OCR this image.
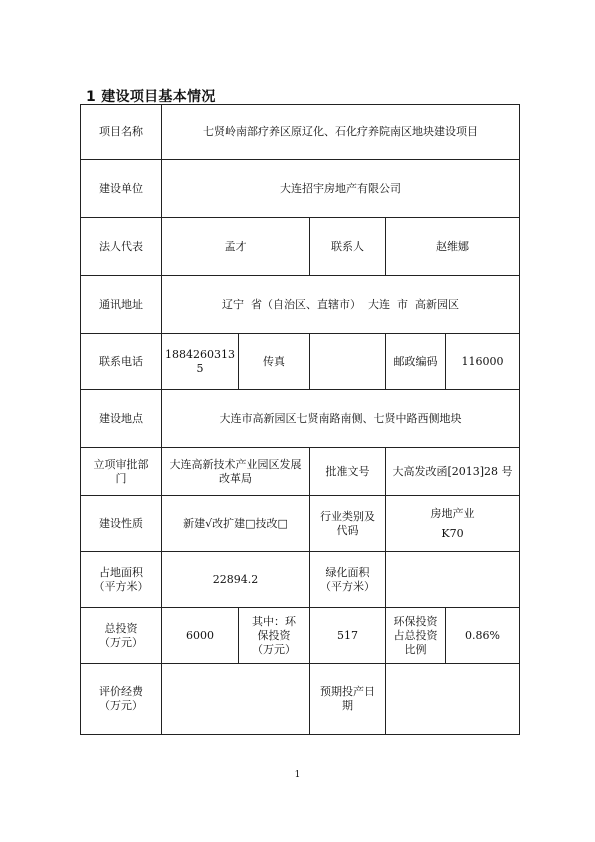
1 建设项目基本情况
项目名称	七贤岭南部疗养区原辽化、石化疗养院南区地块建设项目				
建设单位	大连招宇房地产有限公司				
法人代表	孟才		联系人	赵维娜	
通讯地址	辽宁  省（自治区、直辖市）  大连  市  高新园区				
联系电话	18842603135	传真		邮政编码	116000
建设地点	大连市高新园区七贤南路南侧、七贤中路西侧地块				
立项审批部门	大连高新技术产业园区发展改革局		批准文号	大高发改函[2013]28 号	
建设性质	新建√改扩建□技改□		行业类别及代码	房地产业
K70	

占地面积（平方米）	22894.2		绿化面积（平方米）		
总投资（万元）	6000	其中：环保投资（万元）	517	环保投资占总投资比例	0.86%
评价经费（万元）			预期投产日期		
1
